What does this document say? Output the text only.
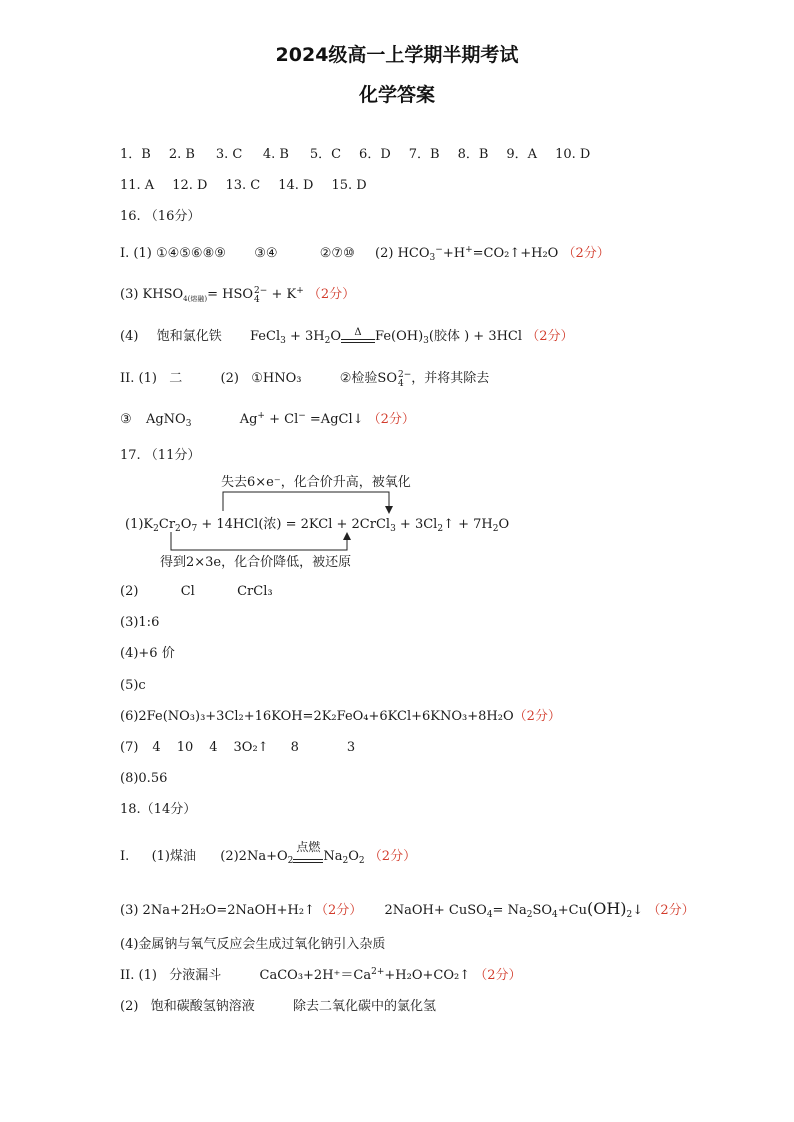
2024级高一上学期半期考试
化学答案
1．B 2. B 3. C 4. B 5．C 6．D 7．B 8．B 9．A 10. D
11. A 12. D 13. C 14. D 15. D
16. （16分）
I. (1) ①④⑤⑥⑧⑨ ③④	②⑦⑩ (2) $HCO_3^-+H^+=CO_2↑+H_2O$ （2分）
(3) $KHSO_{4(熔融)}=$ HSO 2−
4 + K+ （2分）
(4) 饱和氯化铁 FeCl$_3$ + $3H_2O$	Δ	$Fe(OH)_3$(胶体 ) + 3HCl （2分）
II. (1) 二	(2) ①HNO₃	②检验SO 2−
4 ，并将其除去
③ AgNO$_3$	Ag+ + Cl− =AgCl↓ （2分）
17. （11分）
失去6×e⁻，化合价升高，被氧化
$(1)K_2Cr_2O_7 + 14HCl$(浓) = 2KCl + 2CrCl$_3$ + $3Cl_2↑ + 7H_2O$
得到2×3e，化合价降低，被还原
(2)	Cl	CrCl₃
(3)1:6
(4)+6 价
(5)c
(6)2Fe(NO₃)₃+3Cl₂+16KOH=2K₂FeO₄+6KCl+6KNO₃+8H₂O（2分）
(7) 4 10 4 3O₂↑ 8	3
(8)0.56
18.（14分）
I. (1)煤油 $(2)2Na+O_2$
点燃
$Na_2O_2$ （2分）
(3) 2Na+2H₂O=2NaOH+H₂↑（2分） 2NaOH+ CuSO$_4$= $Na_2SO_4+Cu(OH)_2↓$ （2分）
(4)金属钠与氧气反应会生成过氧化钠引入杂质
II. (1) 分液漏斗	$CaCO_3+2H^+=Ca^{2+}+H_2O+CO_2↑$ （2分）
(2) 饱和碳酸氢钠溶液	除去二氧化碳中的氯化氢
